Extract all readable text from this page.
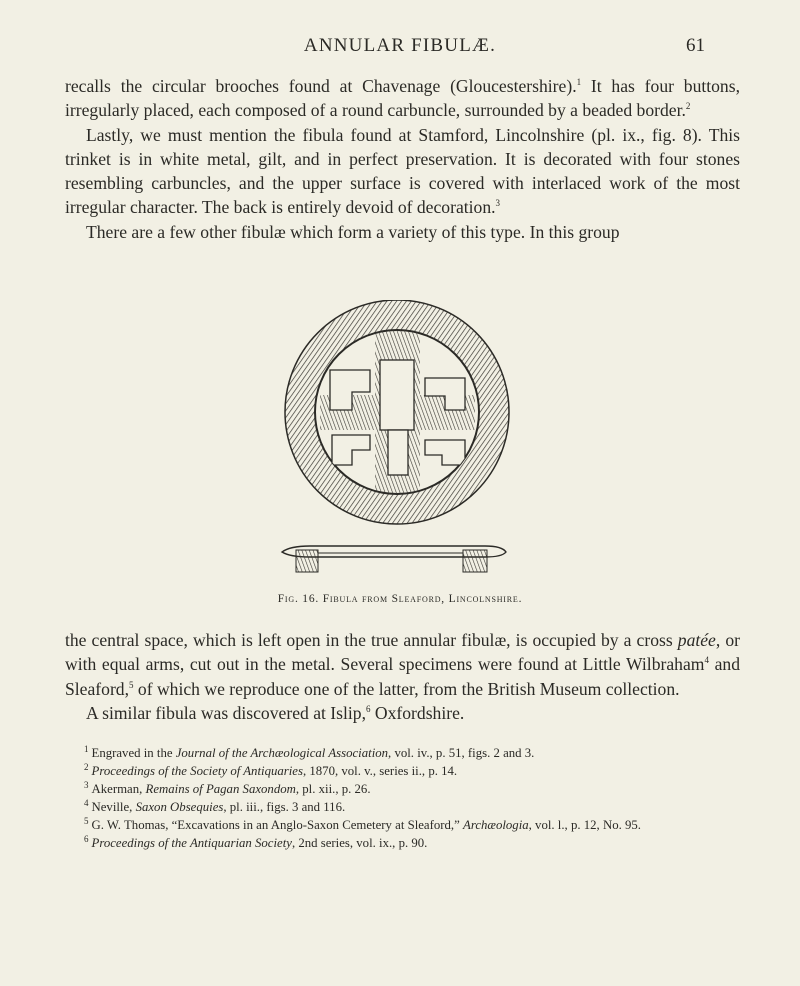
ANNULAR FIBULÆ.	61

recalls the circular brooches found at Chavenage (Gloucestershire).$^1$ It has four buttons, irregularly placed, each composed of a round carbuncle, surrounded by a beaded border.$^2$

Lastly, we must mention the fibula found at Stamford, Lincolnshire (pl. ix., fig. 8). This trinket is in white metal, gilt, and in perfect preservation. It is decorated with four stones resembling carbuncles, and the upper surface is covered with interlaced work of the most irregular character. The back is entirely devoid of decoration.$^3$

There are a few other fibulæ which form a variety of this type. In this group

Fig. 16. Fibula from Sleaford, Lincolnshire.

the central space, which is left open in the true annular fibulæ, is occupied by a cross patée, or with equal arms, cut out in the metal. Several specimens were found at Little Wilbraham$^4$ and Sleaford,$^5$ of which we reproduce one of the latter, from the British Museum collection.

A similar fibula was discovered at Islip,$^6$ Oxfordshire.

$^1$ Engraved in the Journal of the Archæological Association, vol. iv., p. 51, figs. 2 and 3.

$^2$ Proceedings of the Society of Antiquaries, 1870, vol. v., series ii., p. 14.

$^3$ Akerman, Remains of Pagan Saxondom, pl. xii., p. 26.

$^4$ Neville, Saxon Obsequies, pl. iii., figs. 3 and 116.

$^5$ G. W. Thomas, “Excavations in an Anglo-Saxon Cemetery at Sleaford,” Archæologia, vol. l., p. 12, No. 95.

$^6$ Proceedings of the Antiquarian Society, 2nd series, vol. ix., p. 90.
